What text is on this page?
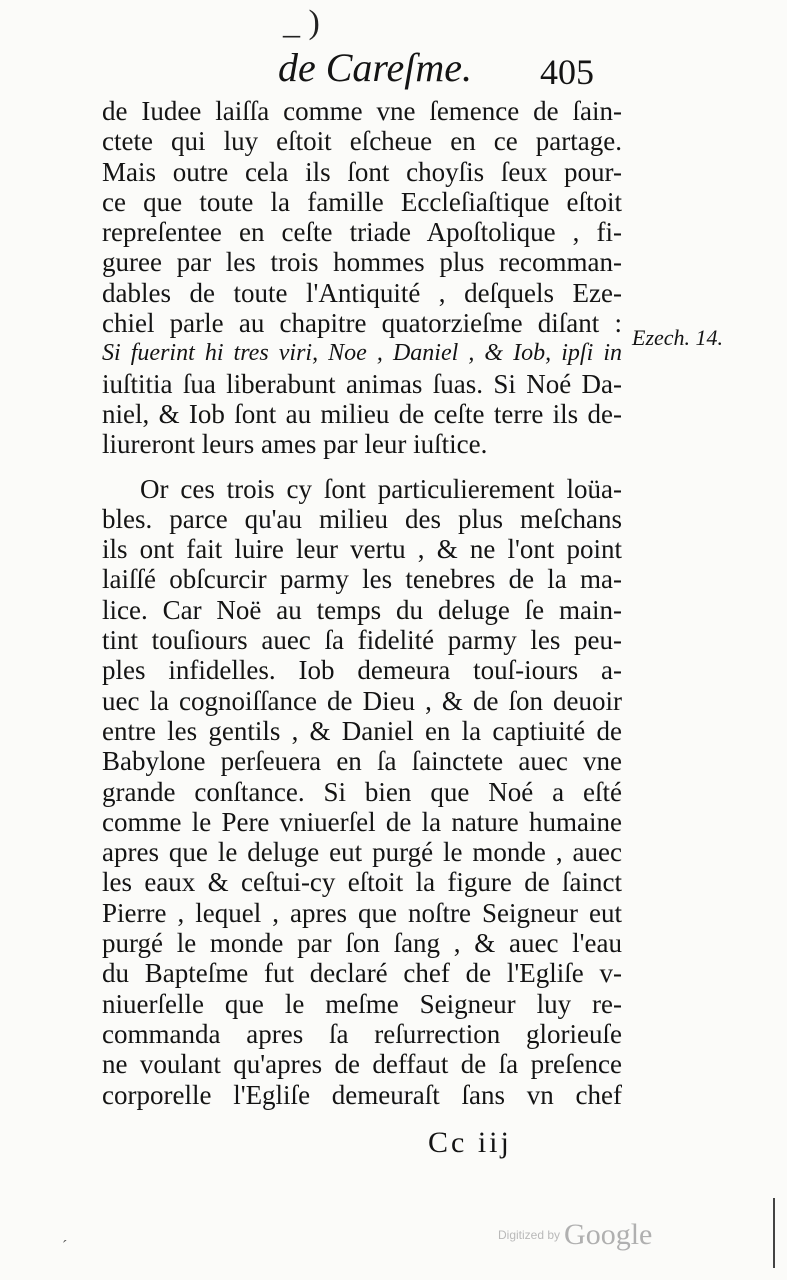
_ )
de Careſme. 405
de Iudee laiſſa comme vne ſemence de ſain-
ctete qui luy eſtoit eſcheue en ce partage.
Mais outre cela ils ſont choyſis ſeux pour-
ce que toute la famille Eccleſiaſtique eſtoit
repreſentee en ceſte triade Apoſtolique , fi-
guree par les trois hommes plus recomman-
dables de toute l'Antiquité , deſquels Eze-
chiel parle au chapitre quatorzieſme diſant :
Si fuerint hi tres viri, Noe , Daniel , & Iob, ipſi in
iuſtitia ſua liberabunt animas ſuas. Si Noé Da-
niel, & Iob ſont au milieu de ceſte terre ils de-
liureront leurs ames par leur iuſtice.
Or ces trois cy ſont particulierement loüa-
bles. parce qu'au milieu des plus meſchans
ils ont fait luire leur vertu , & ne l'ont point
laiſſé obſcurcir parmy les tenebres de la ma-
lice. Car Noë au temps du deluge ſe main-
tint touſiours auec ſa fidelité parmy les peu-
ples infidelles. Iob demeura touſ-iours a-
uec la cognoiſſance de Dieu , & de ſon deuoir
entre les gentils , & Daniel en la captiuité de
Babylone perſeuera en ſa ſainctete auec vne
grande conſtance. Si bien que Noé a eſté
comme le Pere vniuerſel de la nature humaine
apres que le deluge eut purgé le monde , auec
les eaux & ceſtui-cy eſtoit la figure de ſainct
Pierre , lequel , apres que noſtre Seigneur eut
purgé le monde par ſon ſang , & auec l'eau
du Bapteſme fut declaré chef de l'Egliſe v-
niuerſelle que le meſme Seigneur luy re-
commanda apres ſa reſurrection glorieuſe
ne voulant qu'apres de deffaut de ſa preſence
corporelle l'Egliſe demeuraſt ſans vn chef
Ezech. 14.
Cc iij
Digitized by Google
´
